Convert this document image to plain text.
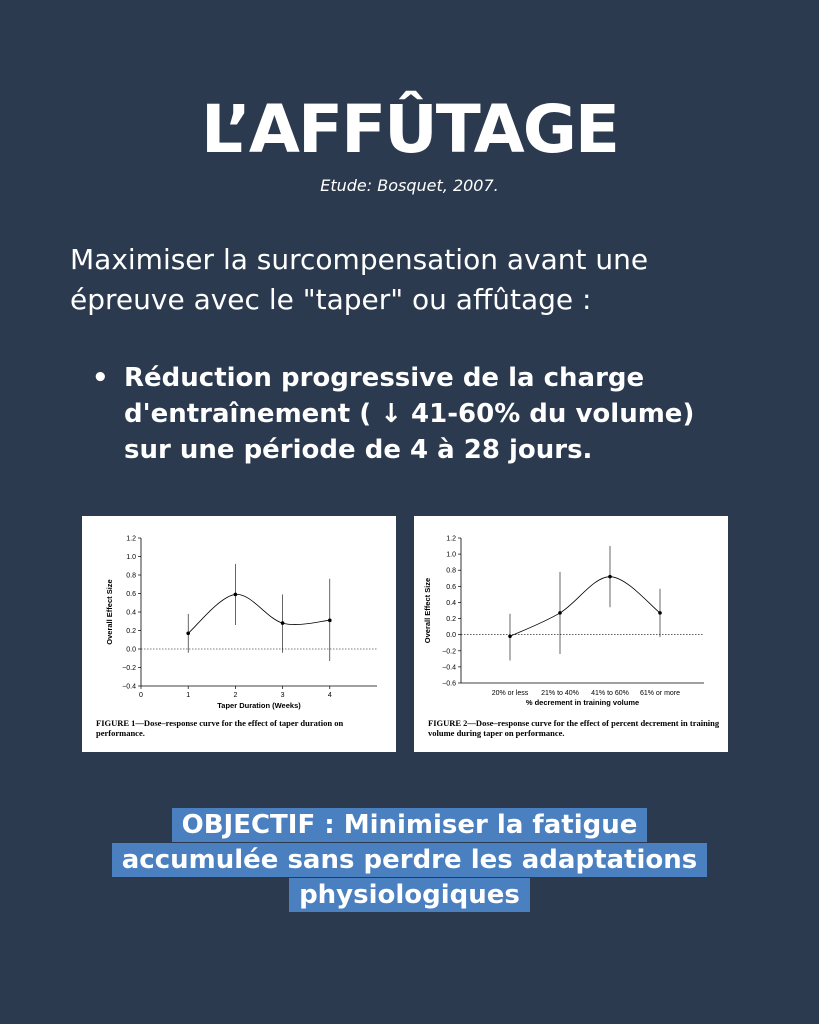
L’AFFÛTAGE
Etude: Bosquet, 2007.
Maximiser la surcompensation avant une
épreuve avec le "taper" ou affûtage :
• Réduction progressive de la charge
d'entraînement ( ↓ 41-60% du volume)
sur une période de 4 à 28 jours.
−0.4
−0.2
0.0
0.2
0.4
0.6
0.8
1.0
1.2
0	1	2	3	4
Taper Duration (Weeks)
Overall Effect Size
FIGURE 1—Dose–response curve for the effect of taper duration on performance.
−0.6
−0.4
−0.2
0.0
0.2
0.4
0.6
0.8
1.0
1.2
20% or less 21% to 40% 41% to 60% 61% or more
% decrement in training volume
Overall Effect Size
FIGURE 2—Dose–response curve for the effect of percent decrement in training volume during taper on performance.
OBJECTIF : Minimiser la fatigue
accumulée sans perdre les adaptations
physiologiques
